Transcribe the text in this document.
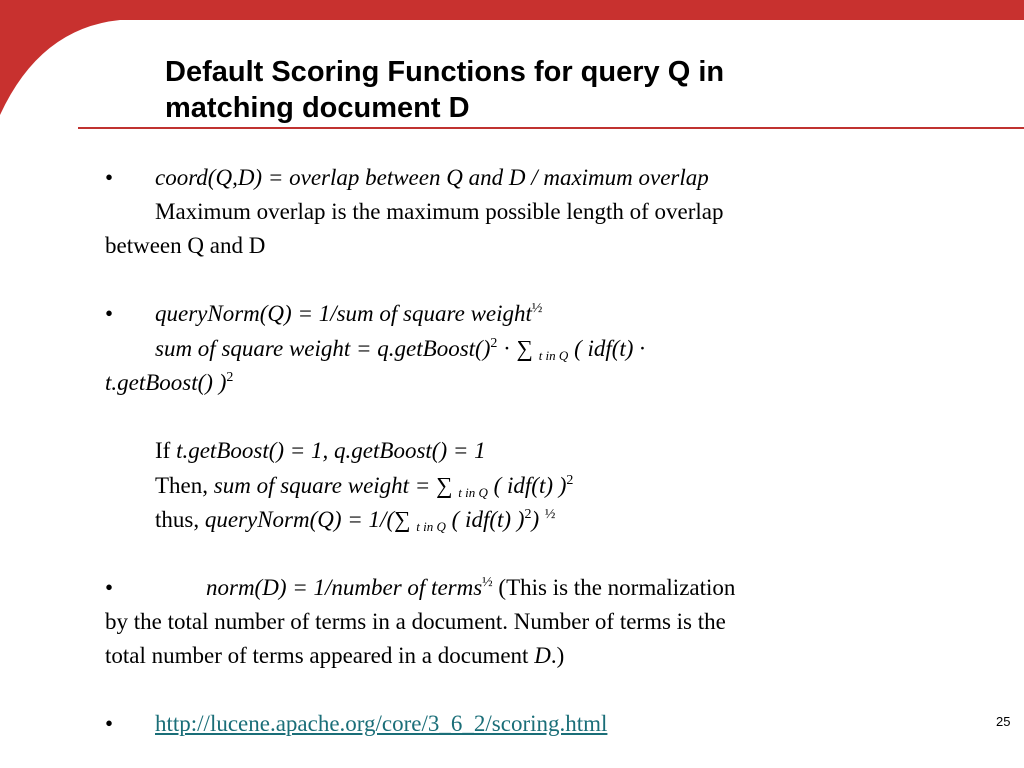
Default Scoring Functions for query Q in
matching document D
• coord(Q,D) = overlap between Q and D / maximum overlap
Maximum overlap is the maximum possible length of overlap
between Q and D
• queryNorm(Q) = 1/sum of square weight$^{\frac{1}{2}}$
sum of square weight = q.getBoost()$^2$ · ∑ $_{t in Q}$ ( idf(t) ·
t.getBoost() )$^2$
If t.getBoost() = 1, q.getBoost() = 1
Then, sum of square weight = ∑ $_{t in Q}$ ( idf(t) )$^2$
thus, queryNorm(Q) = 1/(∑ $_{t in Q}$ ( idf(t) )$^2$) $^{\frac{1}{2}}$
•	norm(D) = 1/number of terms$^{\frac{1}{2}}$ (This is the normalization
by the total number of terms in a document. Number of terms is the
total number of terms appeared in a document D.)
• http://lucene.apache.org/core/3_6_2/scoring.html	25
